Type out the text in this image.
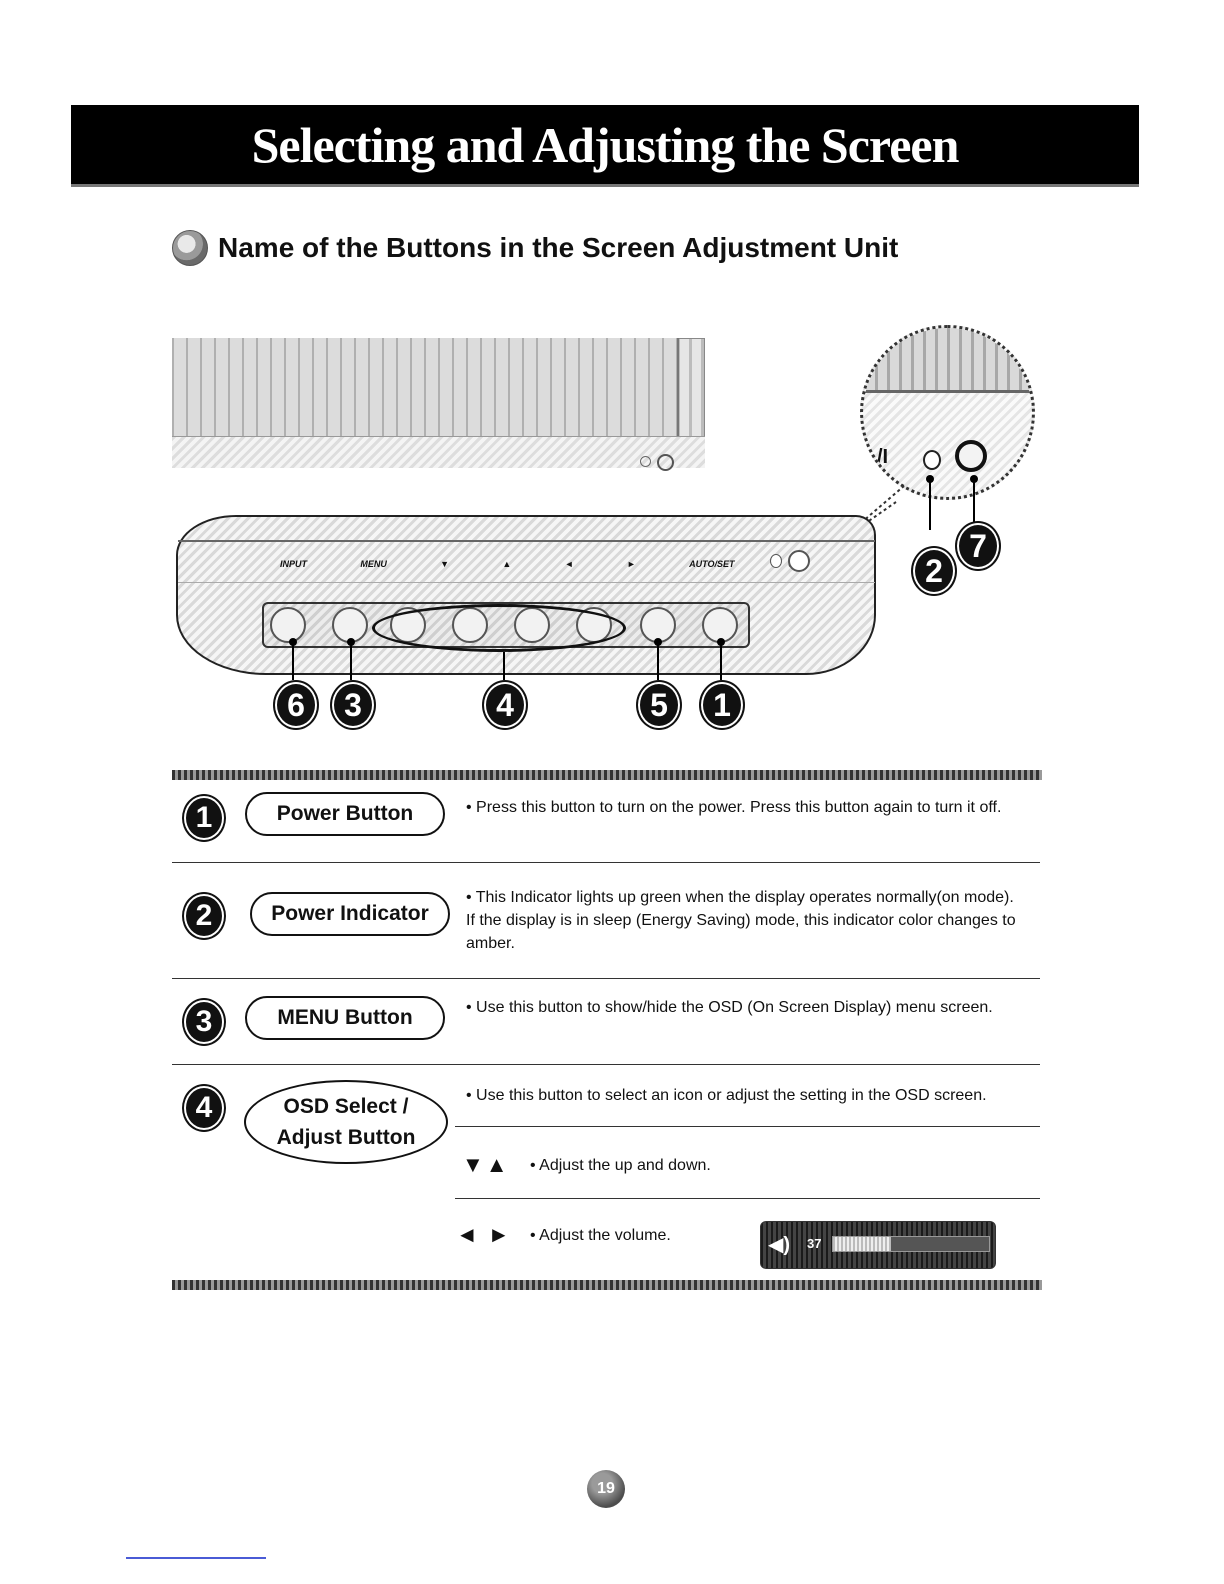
Selecting and Adjusting the Screen
Name of the Buttons in the Screen Adjustment Unit
/I
2
7
INPUT	MENU	▼	▲	◄	►	AUTO/SET
6	3	4	5	1
1	Power Button	• Press this button to turn on the power. Press this button again to turn it off.
2	Power Indicator
• This Indicator lights up green when the display operates normally(on mode). If the display is in sleep (Energy Saving) mode, this indicator color changes to amber.
3	MENU Button	• Use this button to show/hide the OSD (On Screen Display) menu screen.
4	OSD Select /
Adjust Button
• Use this button to select an icon or adjust the setting in the OSD screen.
▼▲ • Adjust the up and down.
◄ ► • Adjust the volume.	◀)	37
19
